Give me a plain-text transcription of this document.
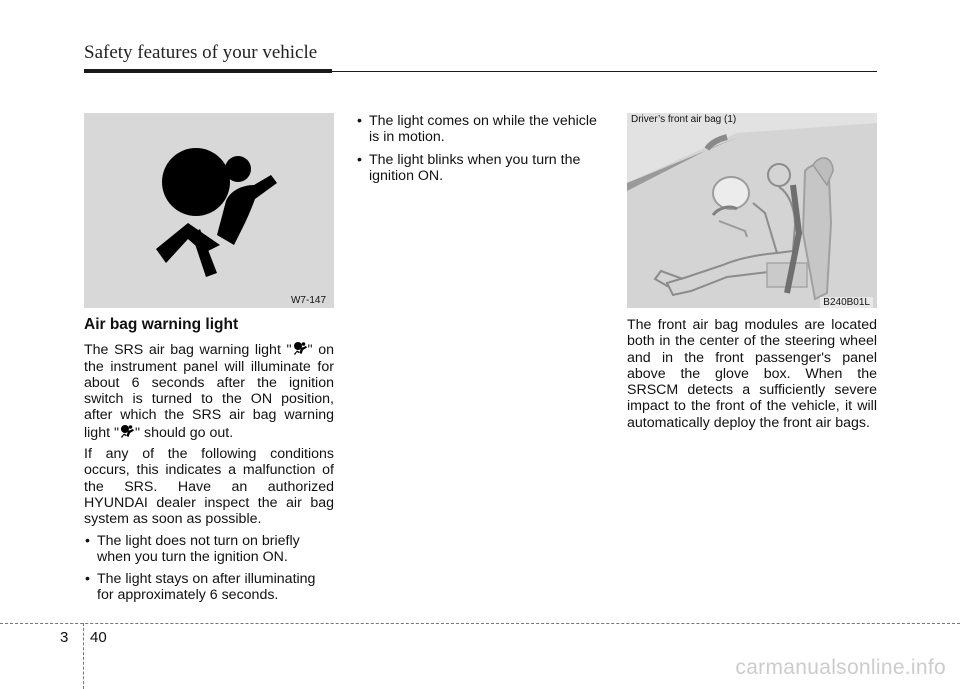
Safety features of your vehicle
W7-147
Air bag warning light

The SRS air bag warning light " " on the instrument panel will illuminate for about 6 seconds after the ignition switch is turned to the ON position, after which the SRS air bag warning light " " should go out.

If any of the following conditions occurs, this indicates a malfunction of the SRS. Have an authorized HYUNDAI dealer inspect the air bag system as soon as possible.

• The light does not turn on briefly when you turn the ignition ON.
• The light stays on after illuminating for approximately 6 seconds.
• The light comes on while the vehicle is in motion.
• The light blinks when you turn the ignition ON.
Driver’s front air bag (1)
B240B01L

The front air bag modules are located both in the center of the steering wheel and in the front passenger's panel above the glove box. When the SRSCM detects a sufficiently severe impact to the front of the vehicle, it will automatically deploy the front air bags.

3 40
carmanualsonline.info
